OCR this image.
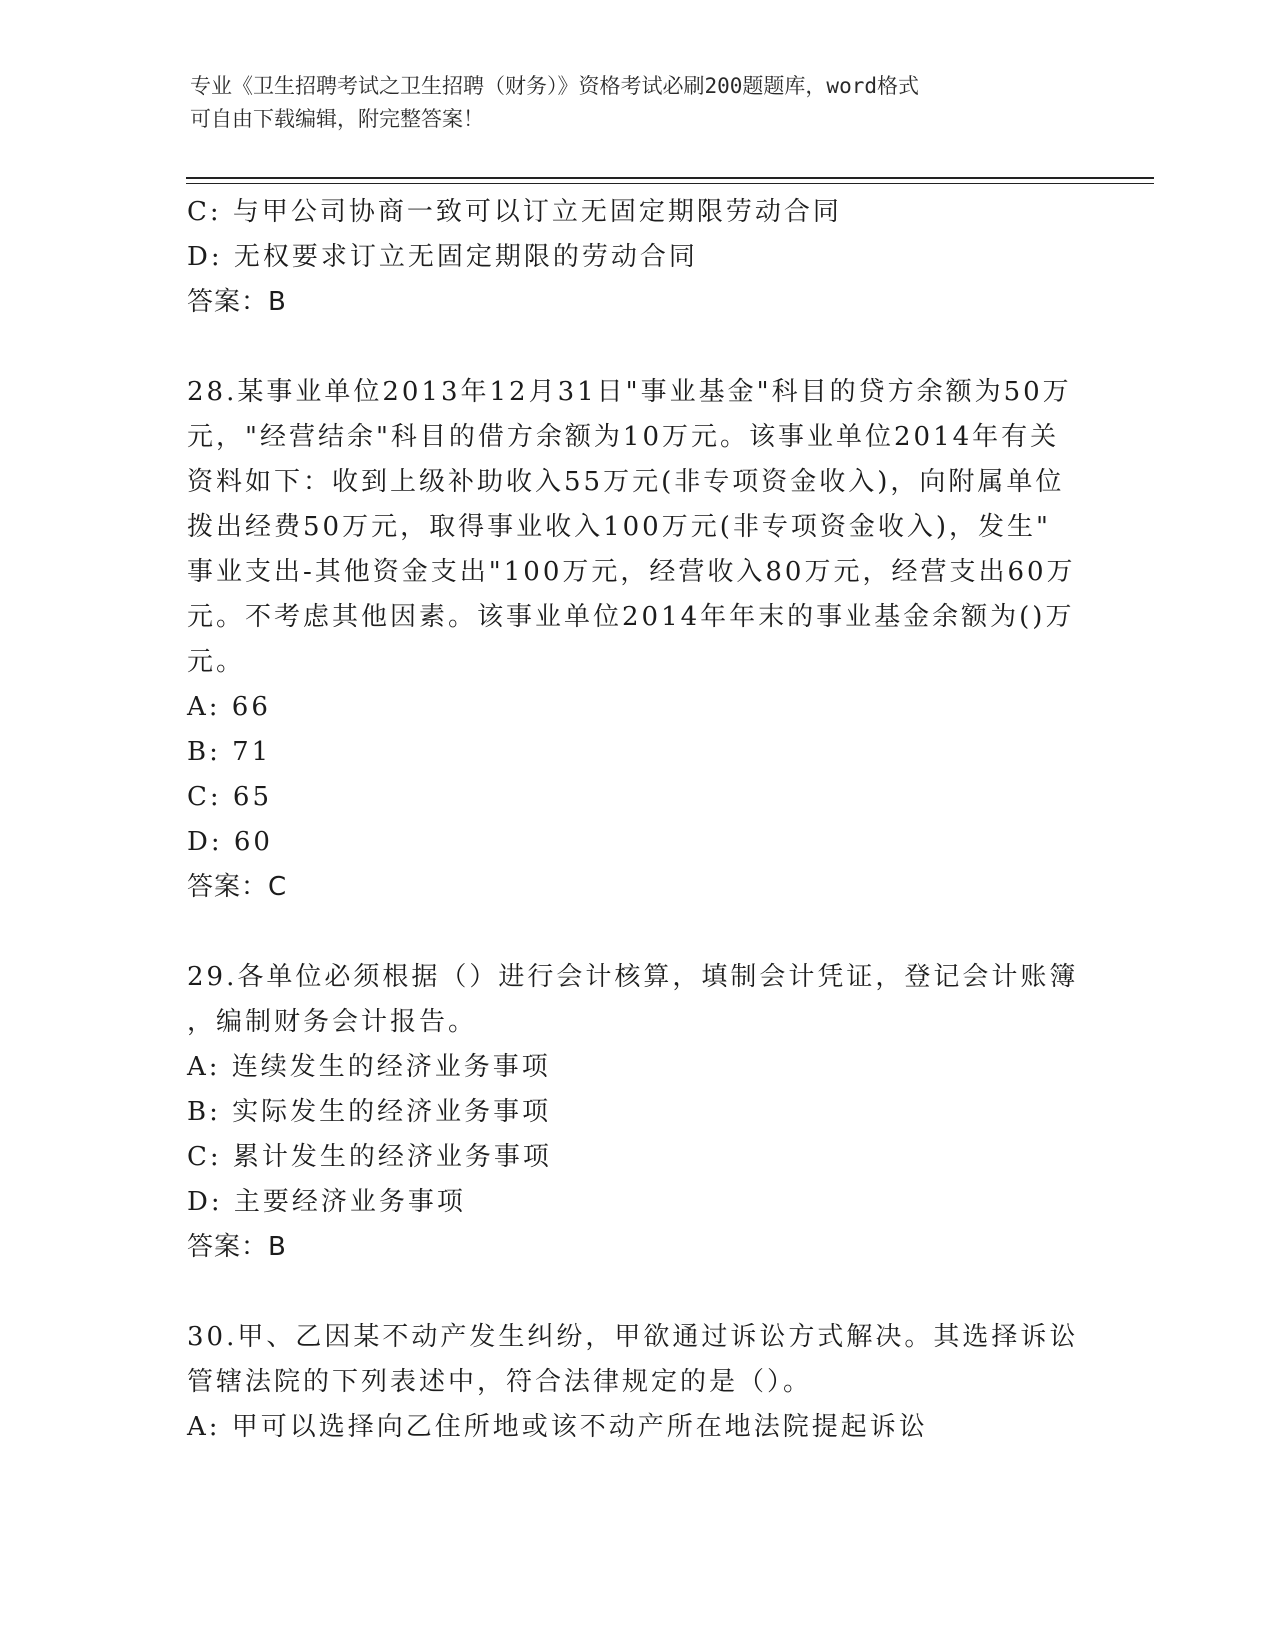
专业《卫生招聘考试之卫生招聘（财务）》资格考试必刷200题题库，word格式
可自由下载编辑，附完整答案！
C: 与甲公司协商一致可以订立无固定期限劳动合同
D: 无权要求订立无固定期限的劳动合同
答案：B
28.某事业单位2013年12月31日"事业基金"科目的贷方余额为50万
元，"经营结余"科目的借方余额为10万元。该事业单位2014年有关
资料如下：收到上级补助收入55万元(非专项资金收入)，向附属单位
拨出经费50万元，取得事业收入100万元(非专项资金收入)，发生"
事业支出-其他资金支出"100万元，经营收入80万元，经营支出60万
元。不考虑其他因素。该事业单位2014年年末的事业基金余额为()万
元。
A: 66
B: 71
C: 65
D: 60
答案：C
29.各单位必须根据（）进行会计核算，填制会计凭证，登记会计账簿
，编制财务会计报告。
A: 连续发生的经济业务事项
B: 实际发生的经济业务事项
C: 累计发生的经济业务事项
D: 主要经济业务事项
答案：B
30.甲、乙因某不动产发生纠纷，甲欲通过诉讼方式解决。其选择诉讼
管辖法院的下列表述中，符合法律规定的是（）。
A: 甲可以选择向乙住所地或该不动产所在地法院提起诉讼
